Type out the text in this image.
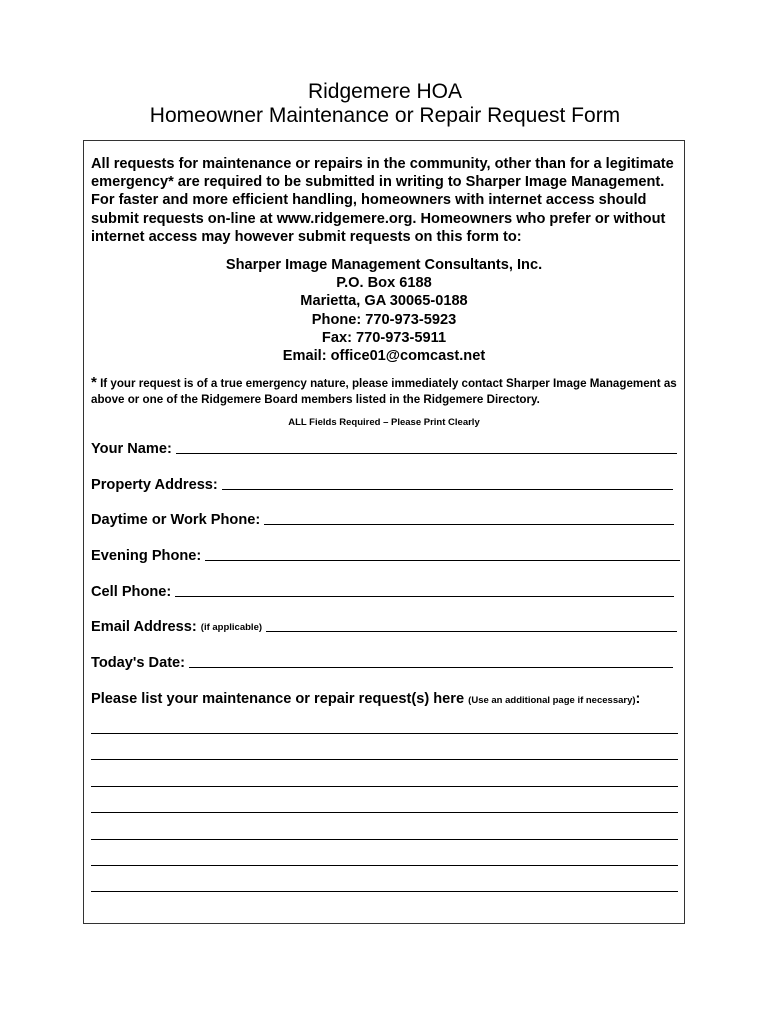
Ridgemere HOA
Homeowner Maintenance or Repair Request Form
All requests for maintenance or repairs in the community, other than for a legitimate emergency* are required to be submitted in writing to Sharper Image Management. For faster and more efficient handling, homeowners with internet access should submit requests on-line at www.ridgemere.org. Homeowners who prefer or without internet access may however submit requests on this form to:
Sharper Image Management Consultants, Inc.
P.O. Box 6188
Marietta, GA 30065-0188
Phone: 770-973-5923
Fax: 770-973-5911
Email: office01@comcast.net
* If your request is of a true emergency nature, please immediately contact Sharper Image Management as above or one of the Ridgemere Board members listed in the Ridgemere Directory.
ALL Fields Required – Please Print Clearly
Your Name:
Property Address:
Daytime or Work Phone:
Evening Phone:
Cell Phone:
Email Address:
(if applicable)
Today's Date:
Please list your maintenance or repair request(s) here (Use an additional page if necessary):
